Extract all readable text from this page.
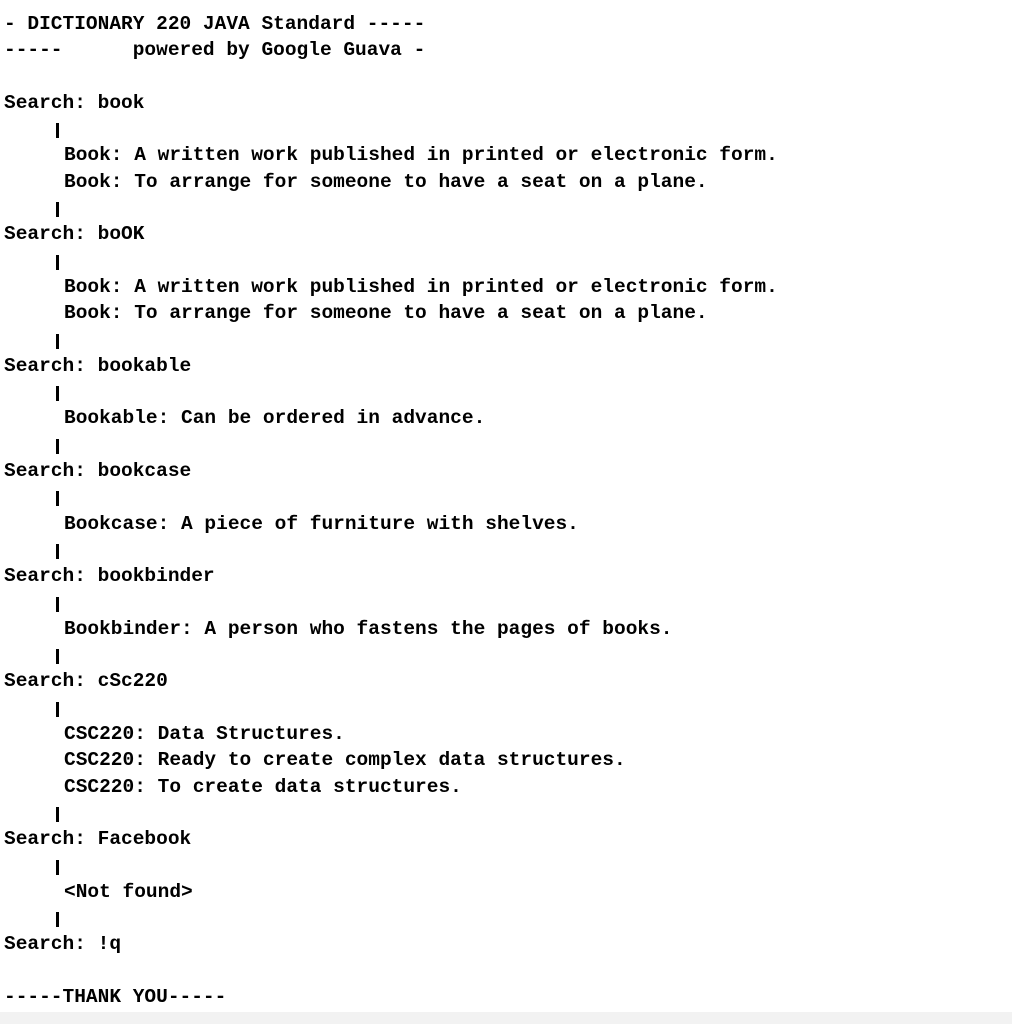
- DICTIONARY 220 JAVA Standard -----
-----      powered by Google Guava -
Search: book
Book: A written work published in printed or electronic form.
Book: To arrange for someone to have a seat on a plane.
Search: boOK
Book: A written work published in printed or electronic form.
Book: To arrange for someone to have a seat on a plane.
Search: bookable
Bookable: Can be ordered in advance.
Search: bookcase
Bookcase: A piece of furniture with shelves.
Search: bookbinder
Bookbinder: A person who fastens the pages of books.
Search: cSc220
CSC220: Data Structures.
CSC220: Ready to create complex data structures.
CSC220: To create data structures.
Search: Facebook
<Not found>
Search: !q
-----THANK YOU-----
